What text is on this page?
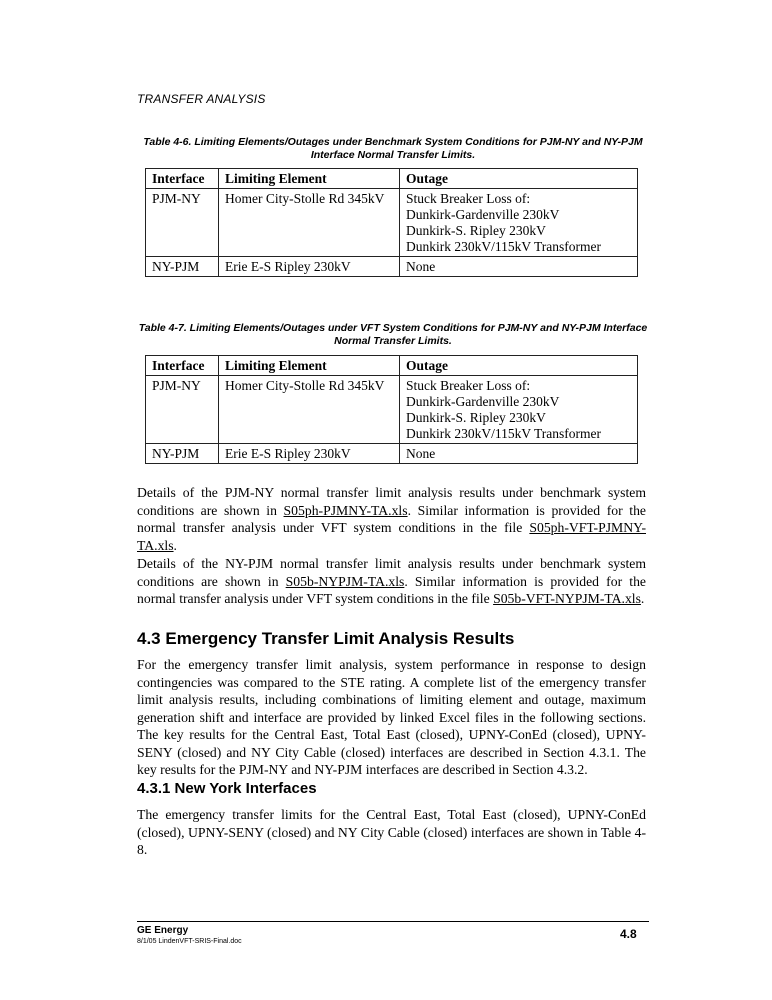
TRANSFER ANALYSIS
Table 4-6. Limiting Elements/Outages under Benchmark System Conditions for PJM-NY and NY-PJM Interface Normal Transfer Limits.
Interface	Limiting Element	Outage
PJM-NY	Homer City-Stolle Rd 345kV	Stuck Breaker Loss of:
Dunkirk-Gardenville 230kV
Dunkirk-S. Ripley 230kV
Dunkirk 230kV/115kV Transformer

NY-PJM	Erie E-S Ripley 230kV	None
Table 4-7. Limiting Elements/Outages under VFT System Conditions for PJM-NY and NY-PJM Interface Normal Transfer Limits.
Interface	Limiting Element	Outage
PJM-NY	Homer City-Stolle Rd 345kV	Stuck Breaker Loss of:
Dunkirk-Gardenville 230kV
Dunkirk-S. Ripley 230kV
Dunkirk 230kV/115kV Transformer

NY-PJM	Erie E-S Ripley 230kV	None

Details of the PJM-NY normal transfer limit analysis results under benchmark system conditions are shown in S05ph-PJMNY-TA.xls. Similar information is provided for the normal transfer analysis under VFT system conditions in the file S05ph-VFT-PJMNY-TA.xls.

Details of the NY-PJM normal transfer limit analysis results under benchmark system conditions are shown in S05b-NYPJM-TA.xls. Similar information is provided for the normal transfer analysis under VFT system conditions in the file S05b-VFT-NYPJM-TA.xls.

4.3 Emergency Transfer Limit Analysis Results

For the emergency transfer limit analysis, system performance in response to design contingencies was compared to the STE rating. A complete list of the emergency transfer limit analysis results, including combinations of limiting element and outage, maximum generation shift and interface are provided by linked Excel files in the following sections. The key results for the Central East, Total East (closed), UPNY-ConEd (closed), UPNY-SENY (closed) and NY City Cable (closed) interfaces are described in Section 4.3.1. The key results for the PJM-NY and NY-PJM interfaces are described in Section 4.3.2.

4.3.1 New York Interfaces

The emergency transfer limits for the Central East, Total East (closed), UPNY-ConEd (closed), UPNY-SENY (closed) and NY City Cable (closed) interfaces are shown in Table 4-8.

GE Energy
8/1/05 LindenVFT-SRIS-Final.doc
4.8
